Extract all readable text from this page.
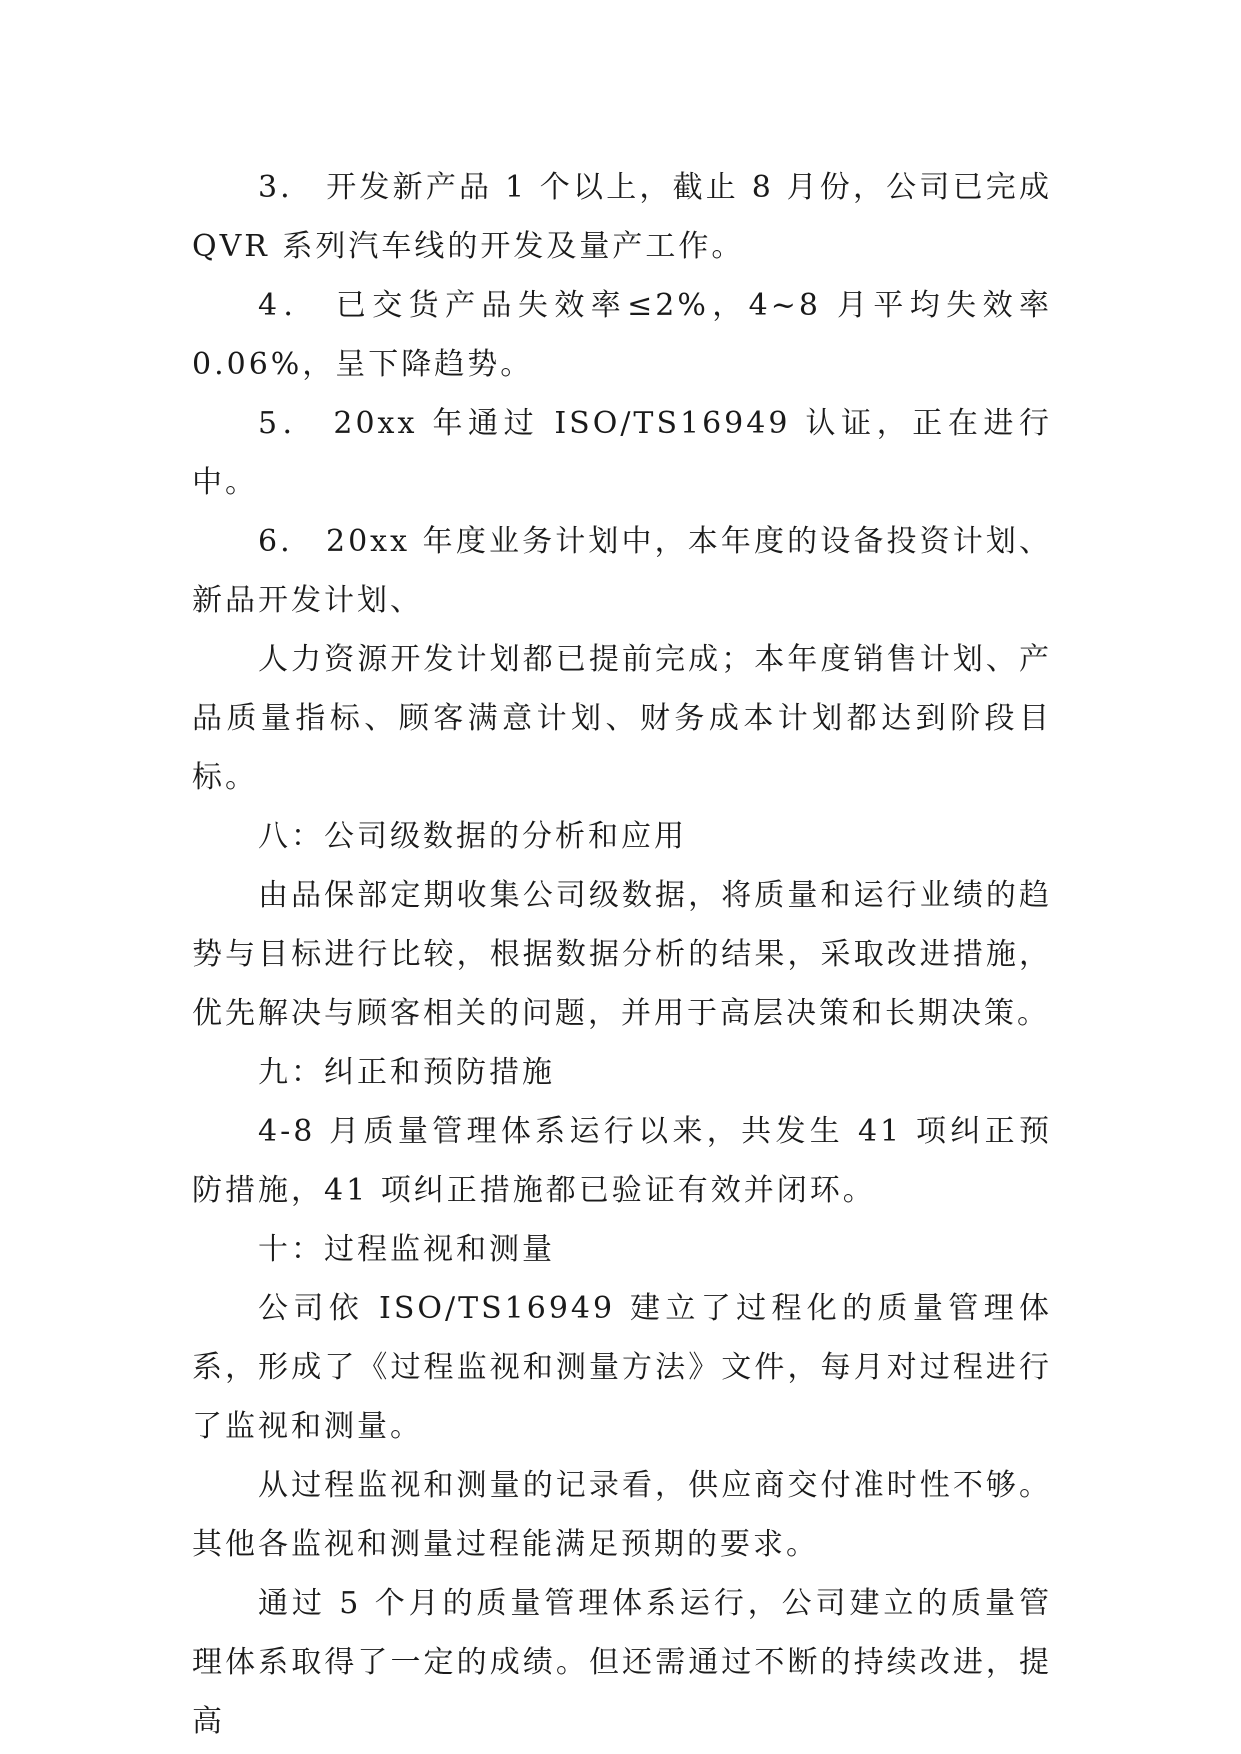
3． 开发新产品 1 个以上，截止 8 月份，公司已完成 QVR 系列汽车线的开发及量产工作。

4． 已交货产品失效率≤2%，4~8 月平均失效率 0.06%，呈下降趋势。

5． 20xx 年通过 ISO/TS16949 认证，正在进行中。

6． 20xx 年度业务计划中，本年度的设备投资计划、新品开发计划、

人力资源开发计划都已提前完成；本年度销售计划、产品质量指标、顾客满意计划、财务成本计划都达到阶段目标。

八：公司级数据的分析和应用

由品保部定期收集公司级数据，将质量和运行业绩的趋势与目标进行比较，根据数据分析的结果，采取改进措施，优先解决与顾客相关的问题，并用于高层决策和长期决策。

九：纠正和预防措施

4-8 月质量管理体系运行以来，共发生 41 项纠正预防措施，41 项纠正措施都已验证有效并闭环。

十：过程监视和测量

公司依 ISO/TS16949 建立了过程化的质量管理体系，形成了《过程监视和测量方法》文件，每月对过程进行了监视和测量。

从过程监视和测量的记录看，供应商交付准时性不够。其他各监视和测量过程能满足预期的要求。

通过 5 个月的质量管理体系运行，公司建立的质量管理体系取得了一定的成绩。但还需通过不断的持续改进，提高
